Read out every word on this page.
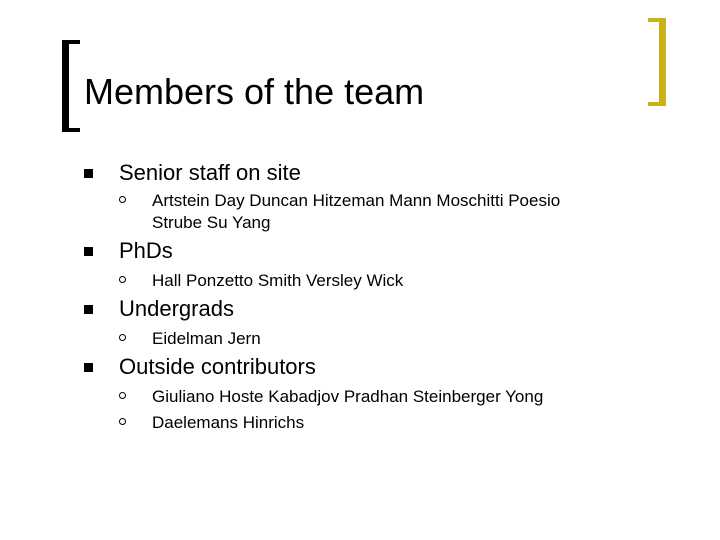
Members of the team
Senior staff on site
Artstein Day Duncan Hitzeman Mann Moschitti Poesio
Strube Su Yang
PhDs
Hall Ponzetto Smith Versley Wick
Undergrads
Eidelman Jern
Outside contributors
Giuliano Hoste Kabadjov Pradhan Steinberger Yong
Daelemans Hinrichs
